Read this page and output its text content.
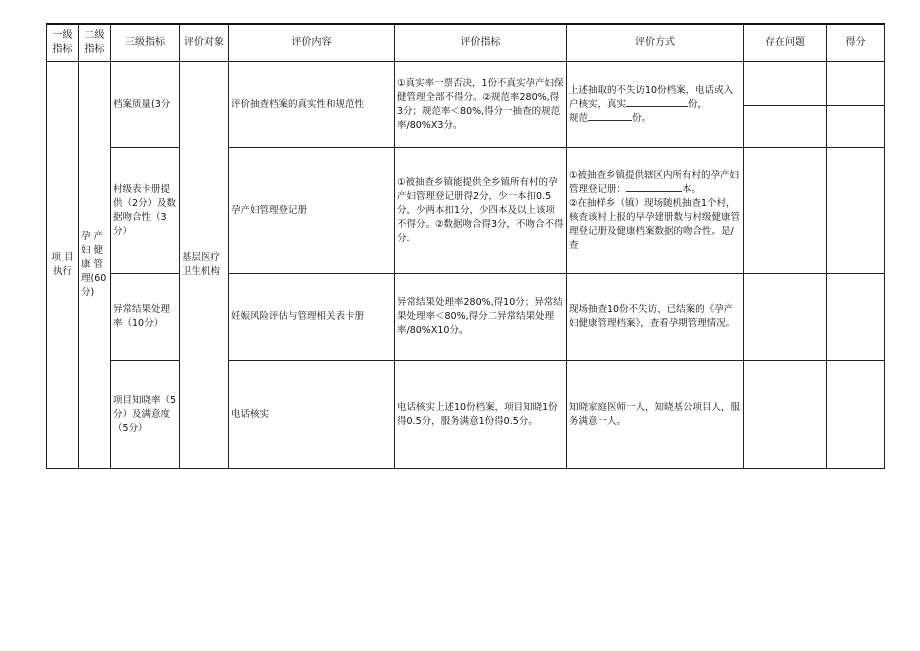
一级指标	二级指标	三级指标	评价对象	评价内容	评价指标	评价方式	存在问题	得分
项 目 执行	孕 产 妇 健 康 管 理(60分)	档案质量(3分	基层医疗卫生机构	评价抽查档案的真实性和规范性	①真实率一票否决，1份不真实孕产妇保健管理全部不得分。②规范率280%,得3分；规范率＜80%,得分一抽查的规范率/80%X3分。	上述抽取的不失访10份档案，电话或入户核实，真实 份，
规范 份。		

		村级表卡册提供（2分）及数据吻合性（3分）		孕产妇管理登记册	①被抽查乡镇能提供全乡镇所有村的孕产妇管理登记册得2分，少一本扣0.5分，少两本扣1分，少四本及以上该项不得分。②数据吻合得3分，不吻合不得分.	①被抽查乡镇提供辖区内所有村的孕产妇管理登记册： 本。
②在抽样乡（镇）现场随机抽查1个村，核查该村上报的早孕建册数与村级健康管理登记册及健康档案数据的吻合性。是/查		
		异常结果处理率（10分）		妊娠风险评估与管理相关表卡册	异常结果处理率280%,得10分；异常结果处理率＜80%,得分二异常结果处理率/80%X10分。	现场抽查10份不失访、已结案的《孕产妇健康管理档案》，查看孕期管理情况。		
		项目知晓率（5分）及满意度（5分）		电话核实	电话核实上述10份档案，项目知晓1份得0.5分，服务满意1份得0.5分。	知晓家庭医师一人，知晓基公项目人，服务满意一人。		
